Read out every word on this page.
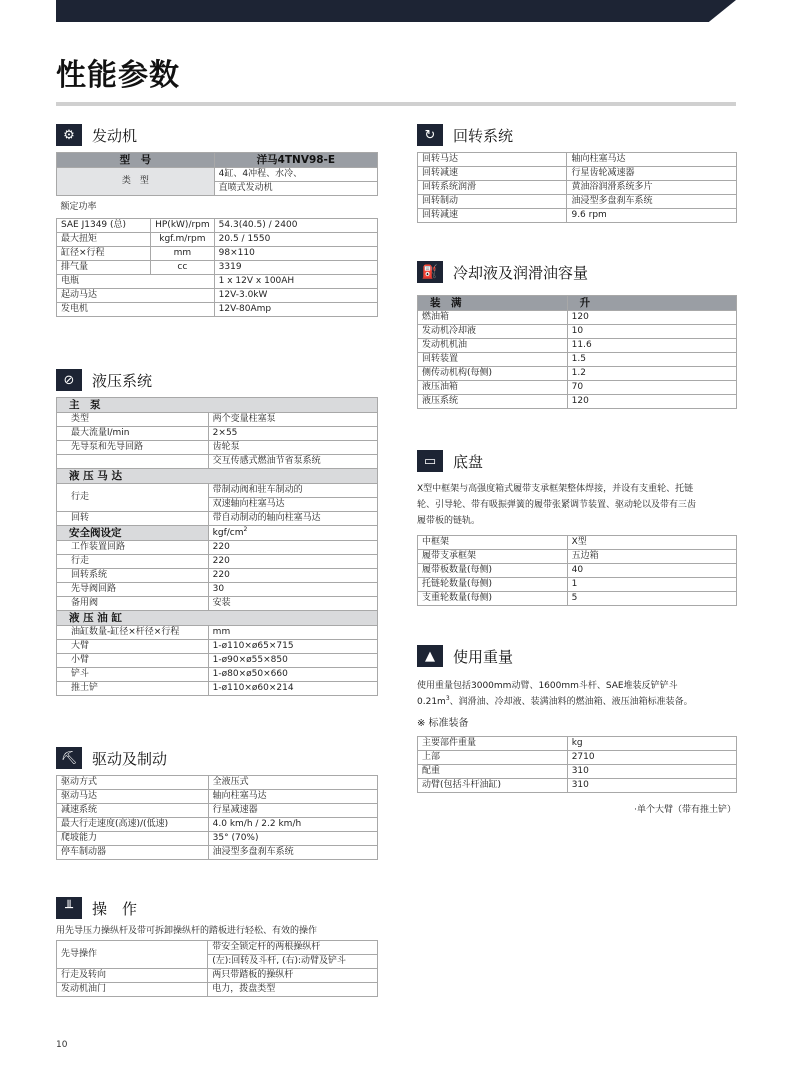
性能参数
⚙	发动机
型　号		洋马4TNV98-E
类　型		4缸、4冲程、水冷、
		直喷式发动机
额定功率		
SAE J1349 (总)	HP(kW)/rpm	54.3(40.5) / 2400
最大扭矩	kgf.m/rpm	20.5 / 1550
缸径×行程	mm	98×110
排气量	cc	3319
电瓶		1 x 12V x 100AH
起动马达		12V-3.0kW
发电机		12V-80Amp
⊘	液压系统
主　泵	
类型	两个变量柱塞泵
最大流量l/min	2×55
先导泵和先导回路	齿轮泵
	交互传感式燃油节省泵系统
液 压 马 达	
行走	带制动阀和驻车制动的
	双速轴向柱塞马达
回转	带自动制动的轴向柱塞马达
安全阀设定	kgf/$cm^2$
工作装置回路	220
行走	220
回转系统	220
先导阀回路	30
备用阀	安装
液 压 油 缸	
油缸数量-缸径×杆径×行程	mm
大臂	1-ø110×ø65×715
小臂	1-ø90×ø55×850
铲斗	1-ø80×ø50×660
推土铲	1-ø110×ø60×214
⛏ 驱动及制动
驱动方式	全液压式
驱动马达	轴向柱塞马达
减速系统	行星减速器
最大行走速度(高速)/(低速)	4.0 km/h / 2.2 km/h
爬坡能力	35° (70%)
停车制动器	油浸型多盘刹车系统
╨	操　作
用先导压力操纵杆及带可拆卸操纵杆的踏板进行轻松、有效的操作
先导操作	带安全锁定杆的两根操纵杆
	(左):回转及斗杆, (右):动臂及铲斗
行走及转向	两只带踏板的操纵杆
发动机油门	电力，拨盘类型
↻	回转系统
回转马达	轴向柱塞马达
回转减速	行星齿轮减速器
回转系统润滑	黄油浴润滑系统多片
回转制动	油浸型多盘刹车系统
回转减速	9.6 rpm
⛽ 冷却液及润滑油容量
装　满	升
燃油箱	120
发动机冷却液	10
发动机机油	11.6
回转装置	1.5
侧传动机构(每侧)	1.2
液压油箱	70
液压系统	120
▭	底盘
X型中框架与高强度箱式履带支承框架整体焊接，并设有支重轮、托链
轮、引导轮、带有吸振弹簧的履带张紧调节装置、驱动轮以及带有三齿
履带板的链轨。
中框架	X型
履带支承框架	五边箱
履带板数量(每侧)	40
托链轮数量(每侧)	1
支重轮数量(每侧)	5
▲	使用重量
使用重量包括3000mm动臂、1600mm斗杆、SAE堆装反铲铲斗
$0.21m^3$、润滑油、冷却液、装满油料的燃油箱、液压油箱标准装备。
※ 标准装备
主要部件重量	kg
上部	2710
配重	310
动臂(包括斗杆油缸)	310
·单个大臂（带有推土铲）
10
